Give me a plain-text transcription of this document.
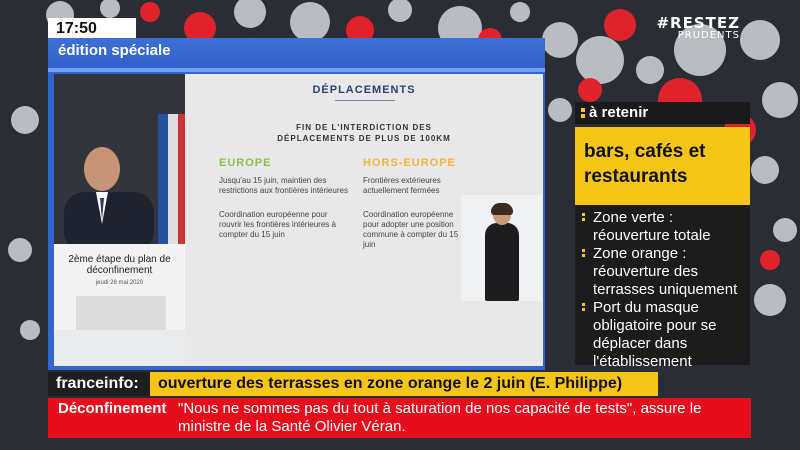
17:50	#RESTEZ
PRUDENTS
édition spéciale
2ème étape du plan de déconfinement
jeudi 28 mai 2020
DÉPLACEMENTS
FIN DE L'INTERDICTION DES DÉPLACEMENTS DE PLUS DE 100KM
EUROPE

Jusqu'au 15 juin, maintien des restrictions aux frontières intérieures

Coordination européenne pour rouvrir les frontières intérieures à compter du 15 juin

HORS-EUROPE

Frontières extérieures actuellement fermées

Coordination européenne pour adopter une position commune à compter du 15 juin

à retenir
bars, cafés et restaurants
Zone verte : réouverture totale
Zone orange : réouverture des terrasses uniquement
Port du masque obligatoire pour se déplacer dans l'établissement
franceinfo:	ouverture des terrasses en zone orange le 2 juin (E. Philippe)
Déconfinement "Nous ne sommes pas du tout à saturation de nos capacité de tests", assure le ministre de la Santé Olivier Véran.
